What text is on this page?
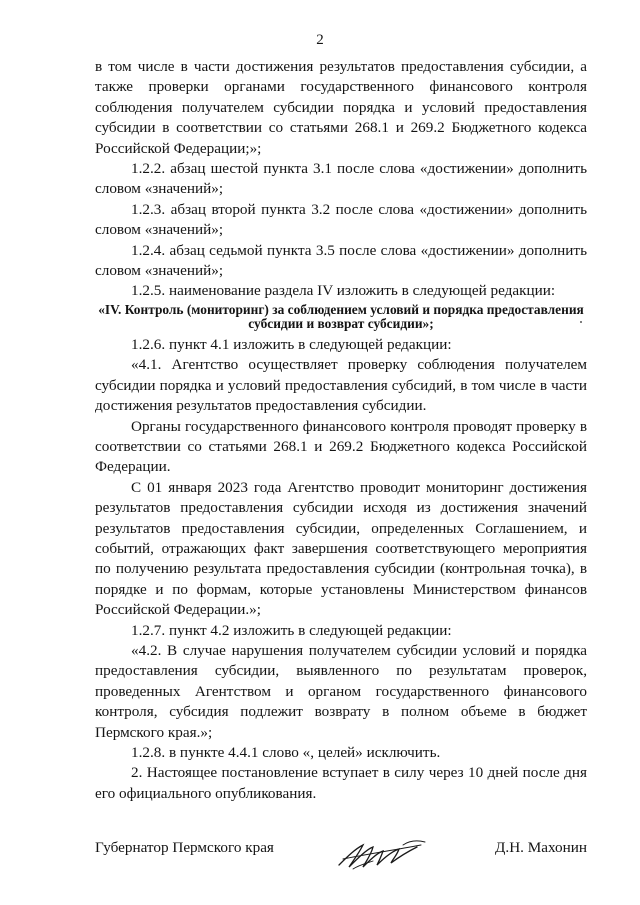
2

в том числе в части достижения результатов предоставления субсидии, а также проверки органами государственного финансового контроля соблюдения получателем субсидии порядка и условий предоставления субсидии в соответствии со статьями 268.1 и 269.2 Бюджетного кодекса Российской Федерации;»;

1.2.2. абзац шестой пункта 3.1 после слова «достижении» дополнить словом «значений»;

1.2.3. абзац второй пункта 3.2 после слова «достижении» дополнить словом «значений»;

1.2.4. абзац седьмой пункта 3.5 после слова «достижении» дополнить словом «значений»;

1.2.5. наименование раздела IV изложить в следующей редакции:

«IV. Контроль (мониторинг) за соблюдением условий и порядка предоставления субсидии и возврат субсидии»;

1.2.6. пункт 4.1 изложить в следующей редакции:

«4.1. Агентство осуществляет проверку соблюдения получателем субсидии порядка и условий предоставления субсидий, в том числе в части достижения результатов предоставления субсидии.

Органы государственного финансового контроля проводят проверку в соответствии со статьями 268.1 и 269.2 Бюджетного кодекса Российской Федерации.

С 01 января 2023 года Агентство проводит мониторинг достижения результатов предоставления субсидии исходя из достижения значений результатов предоставления субсидии, определенных Соглашением, и событий, отражающих факт завершения соответствующего мероприятия по получению результата предоставления субсидии (контрольная точка), в порядке и по формам, которые установлены Министерством финансов Российской Федерации.»;

1.2.7. пункт 4.2 изложить в следующей редакции:

«4.2. В случае нарушения получателем субсидии условий и порядка предоставления субсидии, выявленного по результатам проверок, проведенных Агентством и органом государственного финансового контроля, субсидия подлежит возврату в полном объеме в бюджет Пермского края.»;

1.2.8. в пункте 4.4.1 слово «, целей» исключить.

2. Настоящее постановление вступает в силу через 10 дней после дня его официального опубликования.

Губернатор Пермского края	Д.Н. Махонин
